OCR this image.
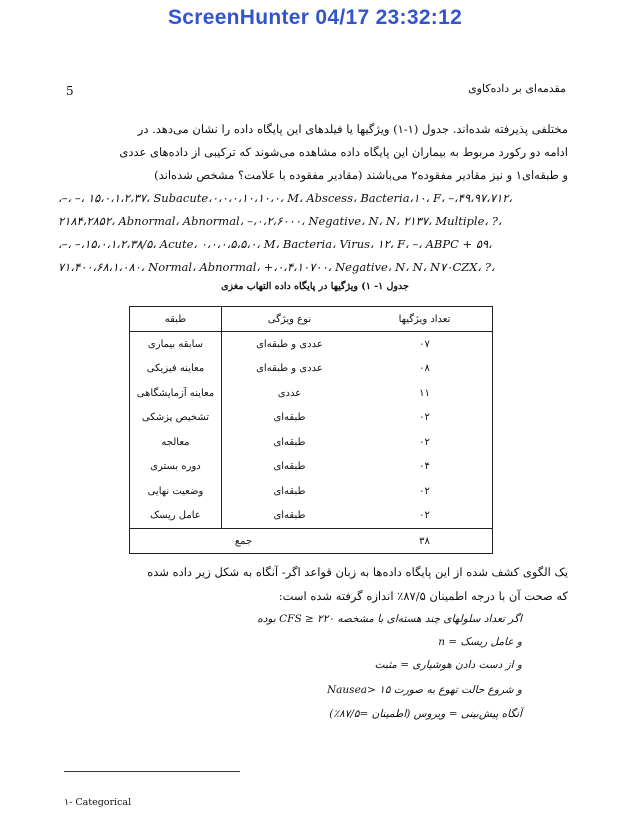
ScreenHunter 04/17 23:32:12
5	مقدمه‌ای بر داده‌کاوی
مختلفی پذیرفته شده‌اند. جدول (۱-۱) ویژگیها یا فیلدهای این پایگاه داده را نشان می‌دهد. در
ادامه دو رکورد مربوط به بیماران این پایگاه داده مشاهده می‌شوند که ترکیبی از داده‌های عددی
و طبقه‌ای۱ و نیز مقادیر مفقوده۲ می‌باشند (مقادیر مفقوده با علامت؟ مشخص شده‌اند)
‎،–، –، ۱۵،۰،۱،۲،۳۷، Subacute،۰،۰،۰،۱۰،۱۰،۰، M، Abscess، Bacteria،۱۰، F، –،۴۹،۹۷،۷۱۲،
‎۲۱۸۴،۲۸۵۲، Abnormal، Abnormal، –،۰،۲،۶۰۰۰، Negative، N، N، ۲۱۳۷، Multiple، ?،
‎،–، –،۱۵،۰،۱،۲،۳۸/۵، Acute، ۰،۰،۰،۵،۵،۰، M، Bacteria، Virus، ۱۲، F، –، ABPC + ۵۹،
‎۷۱،۴۰۰،۶۸،۱،۰۸۰، Normal، Abnormal، +،۰،۴،۱۰۷۰۰، Negative، N، N، N۷۰CZX، ?،
جدول ۱- ۱) ویژگیها در پایگاه داده التهاب مغزی
تعداد ویژگیها	نوع ویژگی	طبقه
۰۷	عددی و طبقه‌ای	سابقه بیماری
۰۸	عددی و طبقه‌ای	معاینه فیزیکی
۱۱	عددی	معاینه آزمایشگاهی
۰۲	طبقه‌ای	تشخیص پزشکی
۰۲	طبقه‌ای	معالجه
۰۴	طبقه‌ای	دوره بستری
۰۲	طبقه‌ای	وضعیت نهایی
۰۲	طبقه‌ای	عامل ریسک
۳۸	جمع	
یک الگوی کشف شده از این پایگاه داده‌ها به زبان قواعد اگر- آنگاه به شکل زیر داده شده
که صحت آن با درجه اطمینان ۸۷/۵٪ اندازه گرفته شده است:
اگر تعداد سلولهای چند هسته‌ای با مشخصه CFS ≥ ۲۲۰ بوده
و عامل ریسک = n
و از دست دادن هوشیاری = مثبت
و شروع حالت تهوع به صورت Nausea> ۱۵
آنگاه پیش‌بینی = ویروس (اطمینان =۸۷/۵٪)
۱- Categorical
